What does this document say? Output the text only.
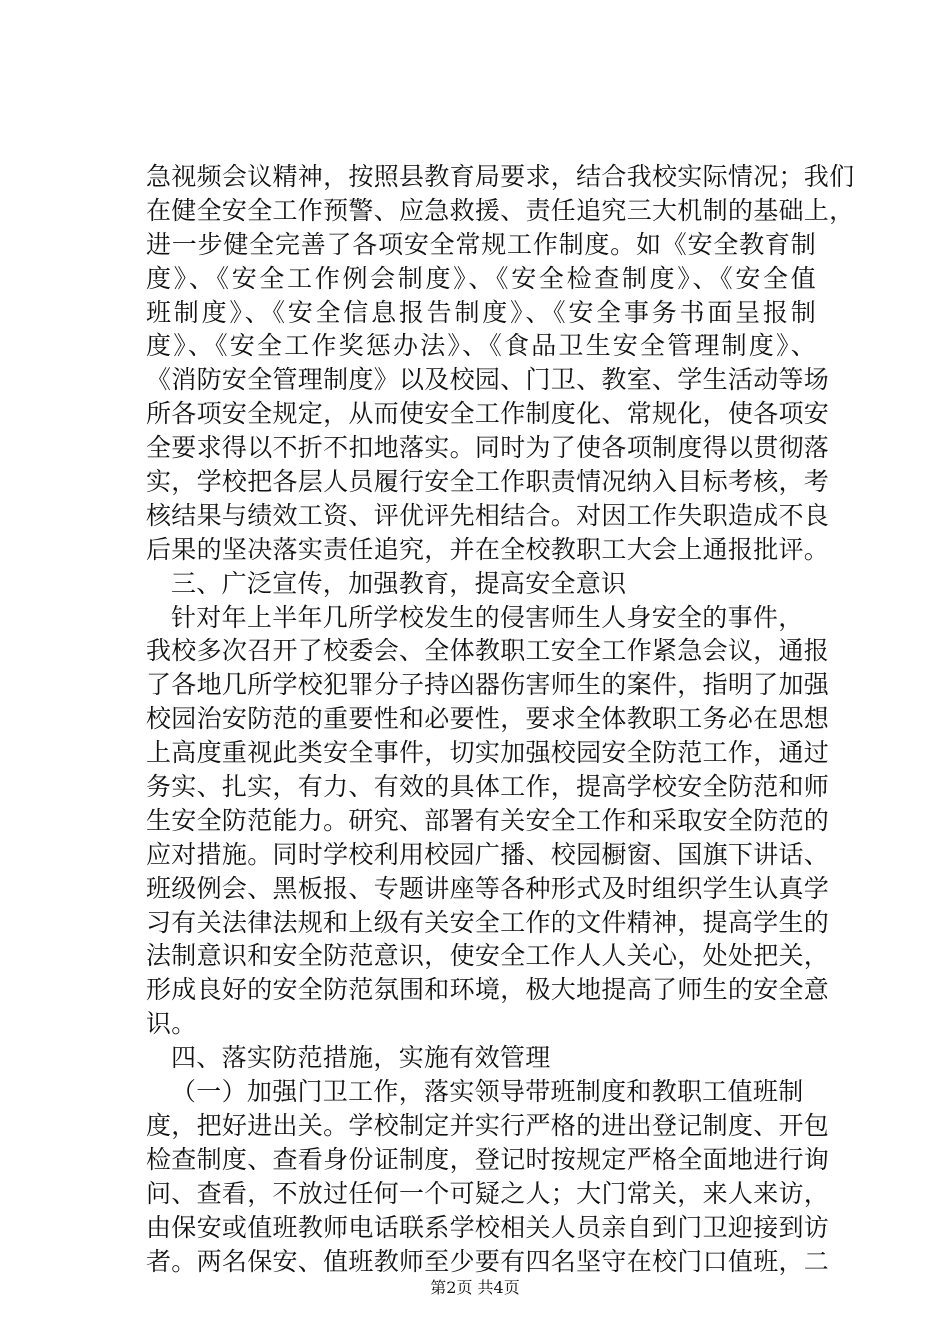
急视频会议精神，按照县教育局要求，结合我校实际情况；我们
在健全安全工作预警、应急救援、责任追究三大机制的基础上，
进一步健全完善了各项安全常规工作制度。如《安全教育制
度》、《安全工作例会制度》、《安全检查制度》、《安全值
班制度》、《安全信息报告制度》、《安全事务书面呈报制
度》、《安全工作奖惩办法》、《食品卫生安全管理制度》、
《消防安全管理制度》以及校园、门卫、教室、学生活动等场
所各项安全规定，从而使安全工作制度化、常规化，使各项安
全要求得以不折不扣地落实。同时为了使各项制度得以贯彻落
实，学校把各层人员履行安全工作职责情况纳入目标考核，考
核结果与绩效工资、评优评先相结合。对因工作失职造成不良
后果的坚决落实责任追究，并在全校教职工大会上通报批评。
三、广泛宣传，加强教育，提高安全意识
针对年上半年几所学校发生的侵害师生人身安全的事件，
我校多次召开了校委会、全体教职工安全工作紧急会议，通报
了各地几所学校犯罪分子持凶器伤害师生的案件，指明了加强
校园治安防范的重要性和必要性，要求全体教职工务必在思想
上高度重视此类安全事件，切实加强校园安全防范工作，通过
务实、扎实，有力、有效的具体工作，提高学校安全防范和师
生安全防范能力。研究、部署有关安全工作和采取安全防范的
应对措施。同时学校利用校园广播、校园橱窗、国旗下讲话、
班级例会、黑板报、专题讲座等各种形式及时组织学生认真学
习有关法律法规和上级有关安全工作的文件精神，提高学生的
法制意识和安全防范意识，使安全工作人人关心，处处把关，
形成良好的安全防范氛围和环境，极大地提高了师生的安全意
识。
四、落实防范措施，实施有效管理
（一）加强门卫工作，落实领导带班制度和教职工值班制
度，把好进出关。学校制定并实行严格的进出登记制度、开包
检查制度、查看身份证制度，登记时按规定严格全面地进行询
问、查看，不放过任何一个可疑之人；大门常关，来人来访，
由保安或值班教师电话联系学校相关人员亲自到门卫迎接到访
者。两名保安、值班教师至少要有四名坚守在校门口值班，二
第2页 共4页
